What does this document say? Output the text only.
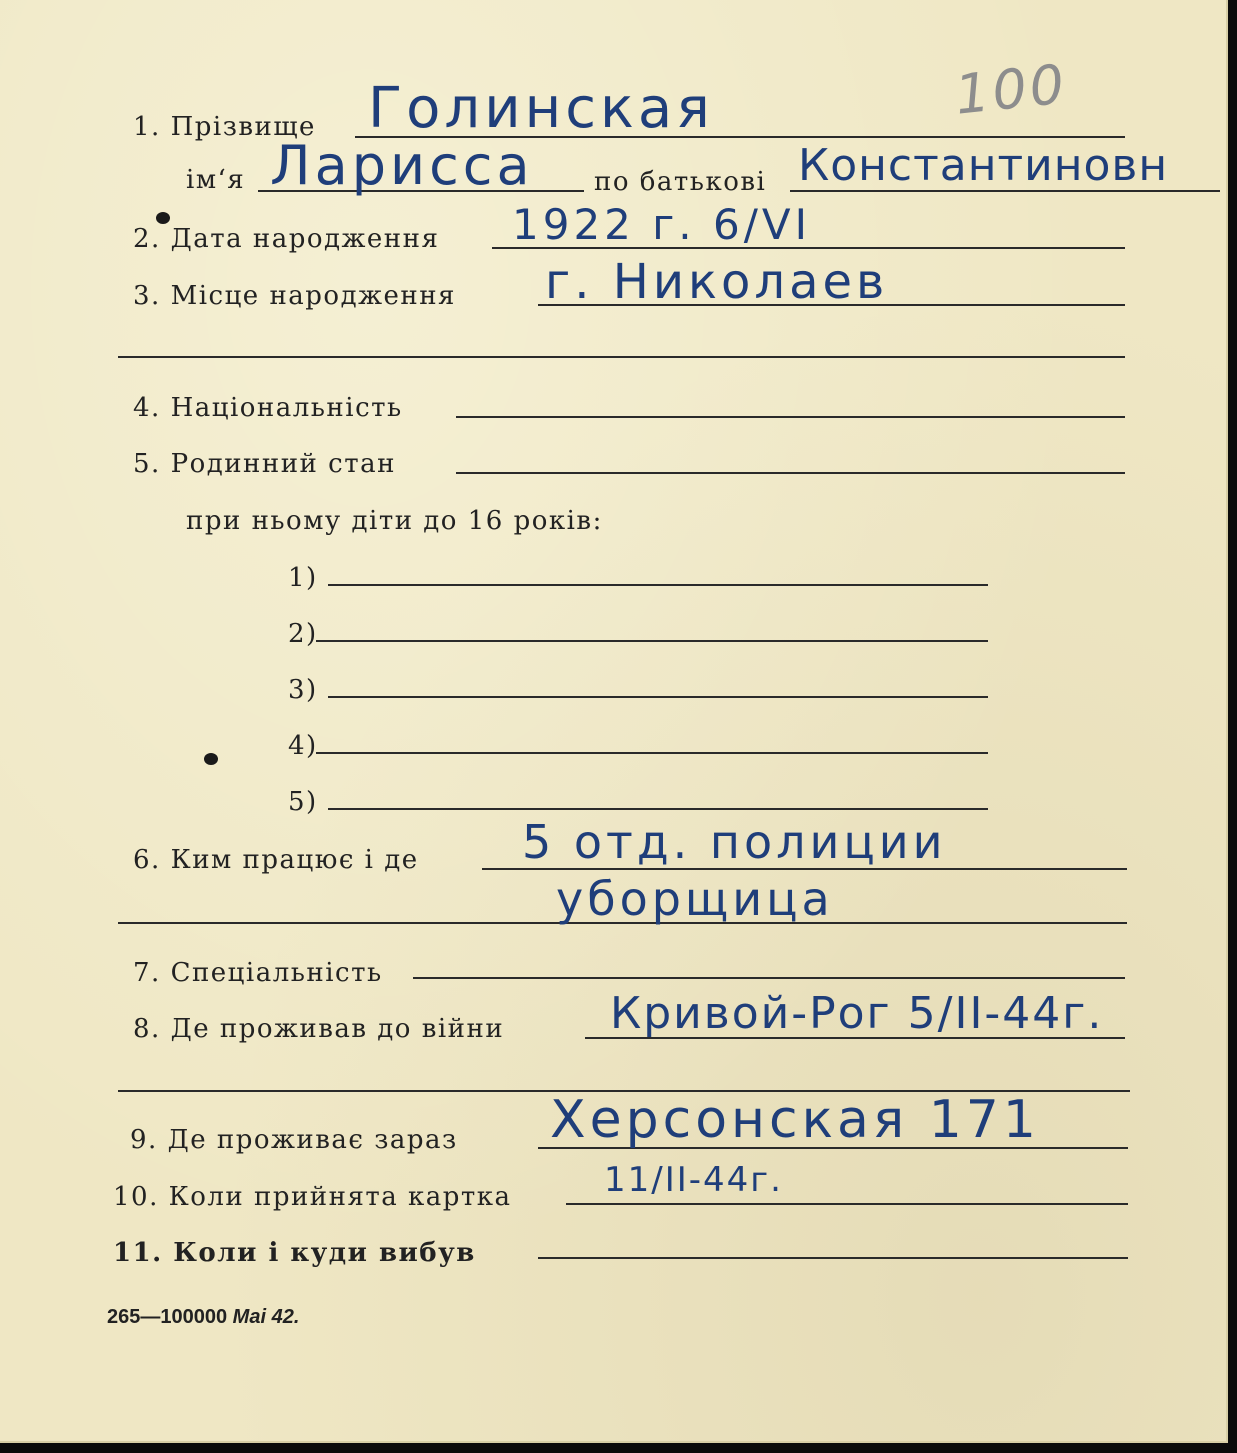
100
1. Прізвище Голинская
ім‘я Ларисса по батькові Константиновн
2. Дата народження 1922 г. 6/VI
3. Місце народження г. Николаев
4. Національність
5. Родинний стан
при ньому діти до 16 років:
1)
2)
3)
4)
5)
6. Ким працює і де 5 отд. полиции
уборщица
7. Спеціальність
8. Де проживав до війни Кривой-Рог 5/II-44г.
9. Де проживає зараз Херсонская 171
10. Коли прийнята картка	11/II-44г.
11. Коли і куди вибув
265—100000 Mai 42.
